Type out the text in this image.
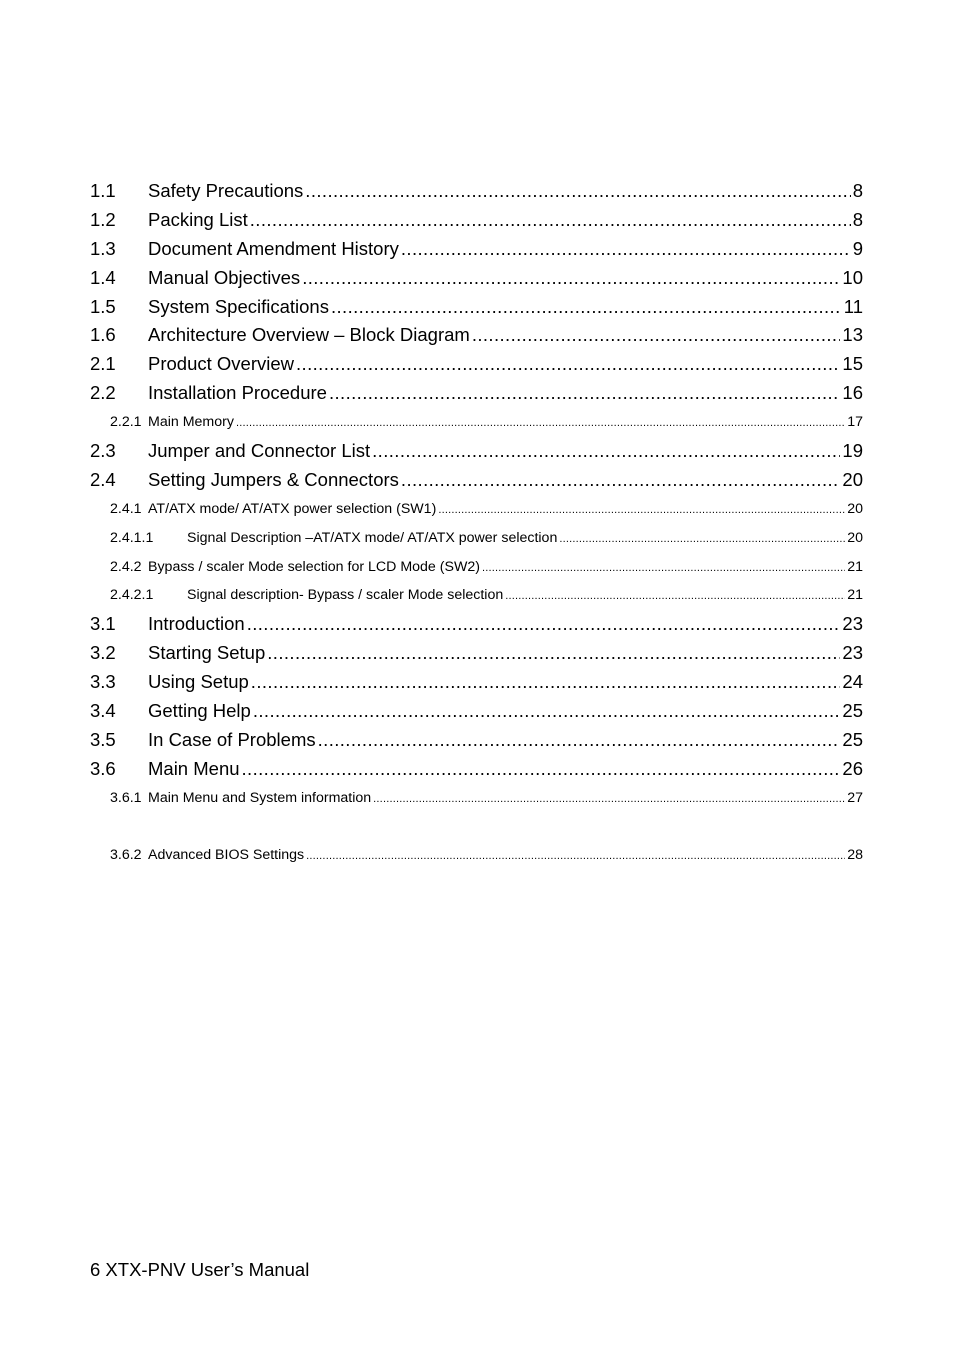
1.1	Safety Precautions .....	8
1.2	Packing List .....	8
1.3	Document Amendment History .....	9
1.4	Manual Objectives .....	10
1.5	System Specifications .....	11
1.6	Architecture Overview – Block Diagram .....	13
2.1	Product Overview .....	15
2.2	Installation Procedure .....	16
2.2.1 Main Memory .....	17
2.3	Jumper and Connector List .....	19
2.4	Setting Jumpers & Connectors .....	20
2.4.1 AT/ATX mode/ AT/ATX power selection (SW1) .....	20
2.4.1.1	Signal Description –AT/ATX mode/ AT/ATX power selection .....	20
2.4.2 Bypass / scaler Mode selection for LCD Mode (SW2) .....	21
2.4.2.1	Signal description- Bypass / scaler Mode selection .....	21
3.1	Introduction .....	23
3.2	Starting Setup .....	23
3.3	Using Setup .....	24
3.4	Getting Help .....	25
3.5	In Case of Problems .....	25
3.6	Main Menu .....	26
3.6.1 Main Menu and System information .....	27
3.6.2 Advanced BIOS Settings .....	28
6 XTX-PNV User’s Manual
